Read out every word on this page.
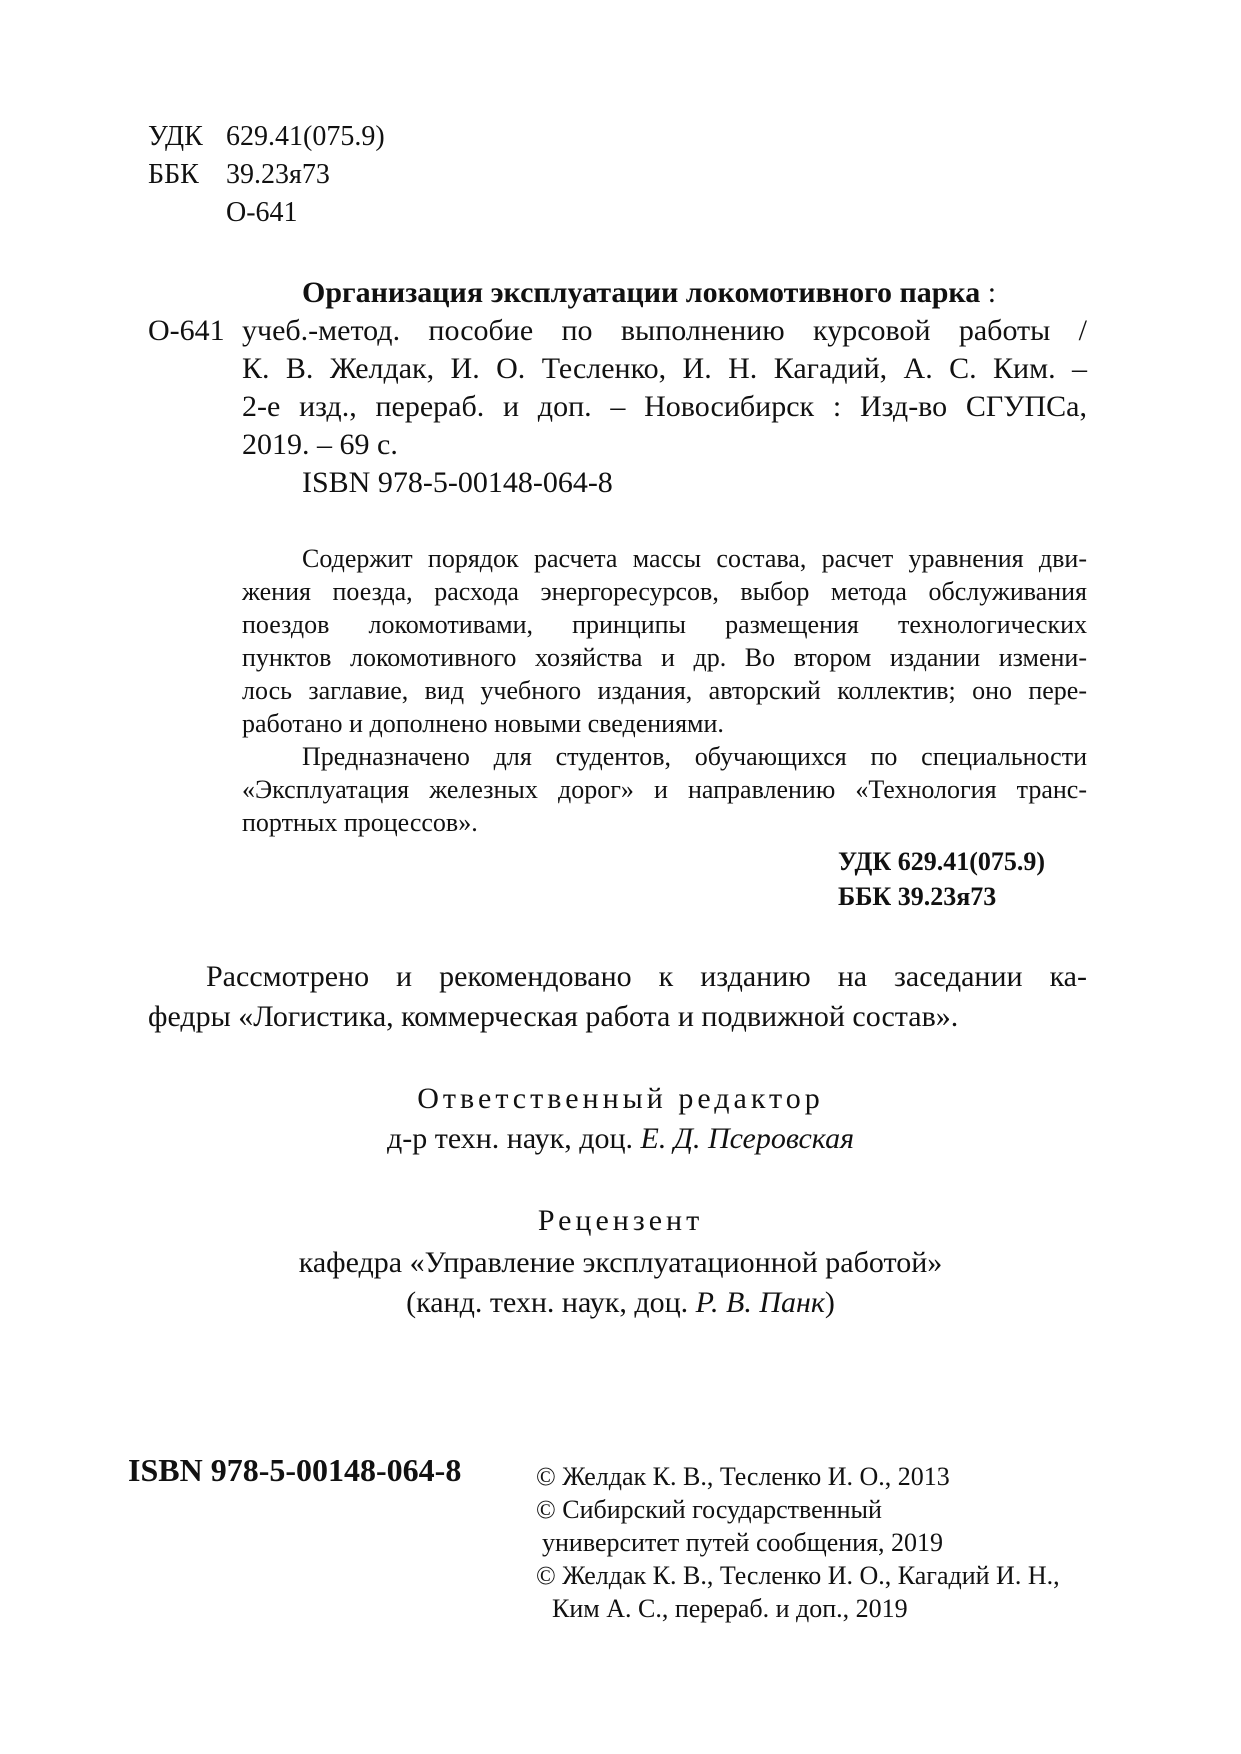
УДК 629.41(075.9)
ББК 39.23я73
О-641
Организация эксплуатации локомотивного парка :
О-641 учеб.-метод. пособие по выполнению курсовой работы /
К. В. Желдак, И. О. Тесленко, И. Н. Кагадий, А. С. Ким. –
2-е изд., перераб. и доп. – Новосибирск : Изд-во СГУПСа,
2019. – 69 с.
ISBN 978-5-00148-064-8
Содержит порядок расчета массы состава, расчет уравнения дви-
жения поезда, расхода энергоресурсов, выбор метода обслуживания
поездов локомотивами, принципы размещения технологических
пунктов локомотивного хозяйства и др. Во втором издании измени-
лось заглавие, вид учебного издания, авторский коллектив; оно пере-
работано и дополнено новыми сведениями.
Предназначено для студентов, обучающихся по специальности
«Эксплуатация железных дорог» и направлению «Технология транс-
портных процессов».
УДК 629.41(075.9)
ББК 39.23я73
Рассмотрено и рекомендовано к изданию на заседании ка-
федры «Логистика, коммерческая работа и подвижной состав».
Ответственный редактор
д-р техн. наук, доц. Е. Д. Псеровская
Рецензент
кафедра «Управление эксплуатационной работой»
(канд. техн. наук, доц. Р. В. Панк)
ISBN 978-5-00148-064-8	© Желдак К. В., Тесленко И. О., 2013
© Сибирский государственный
университет путей сообщения, 2019
© Желдак К. В., Тесленко И. О., Кагадий И. Н.,
Ким А. С., перераб. и доп., 2019
